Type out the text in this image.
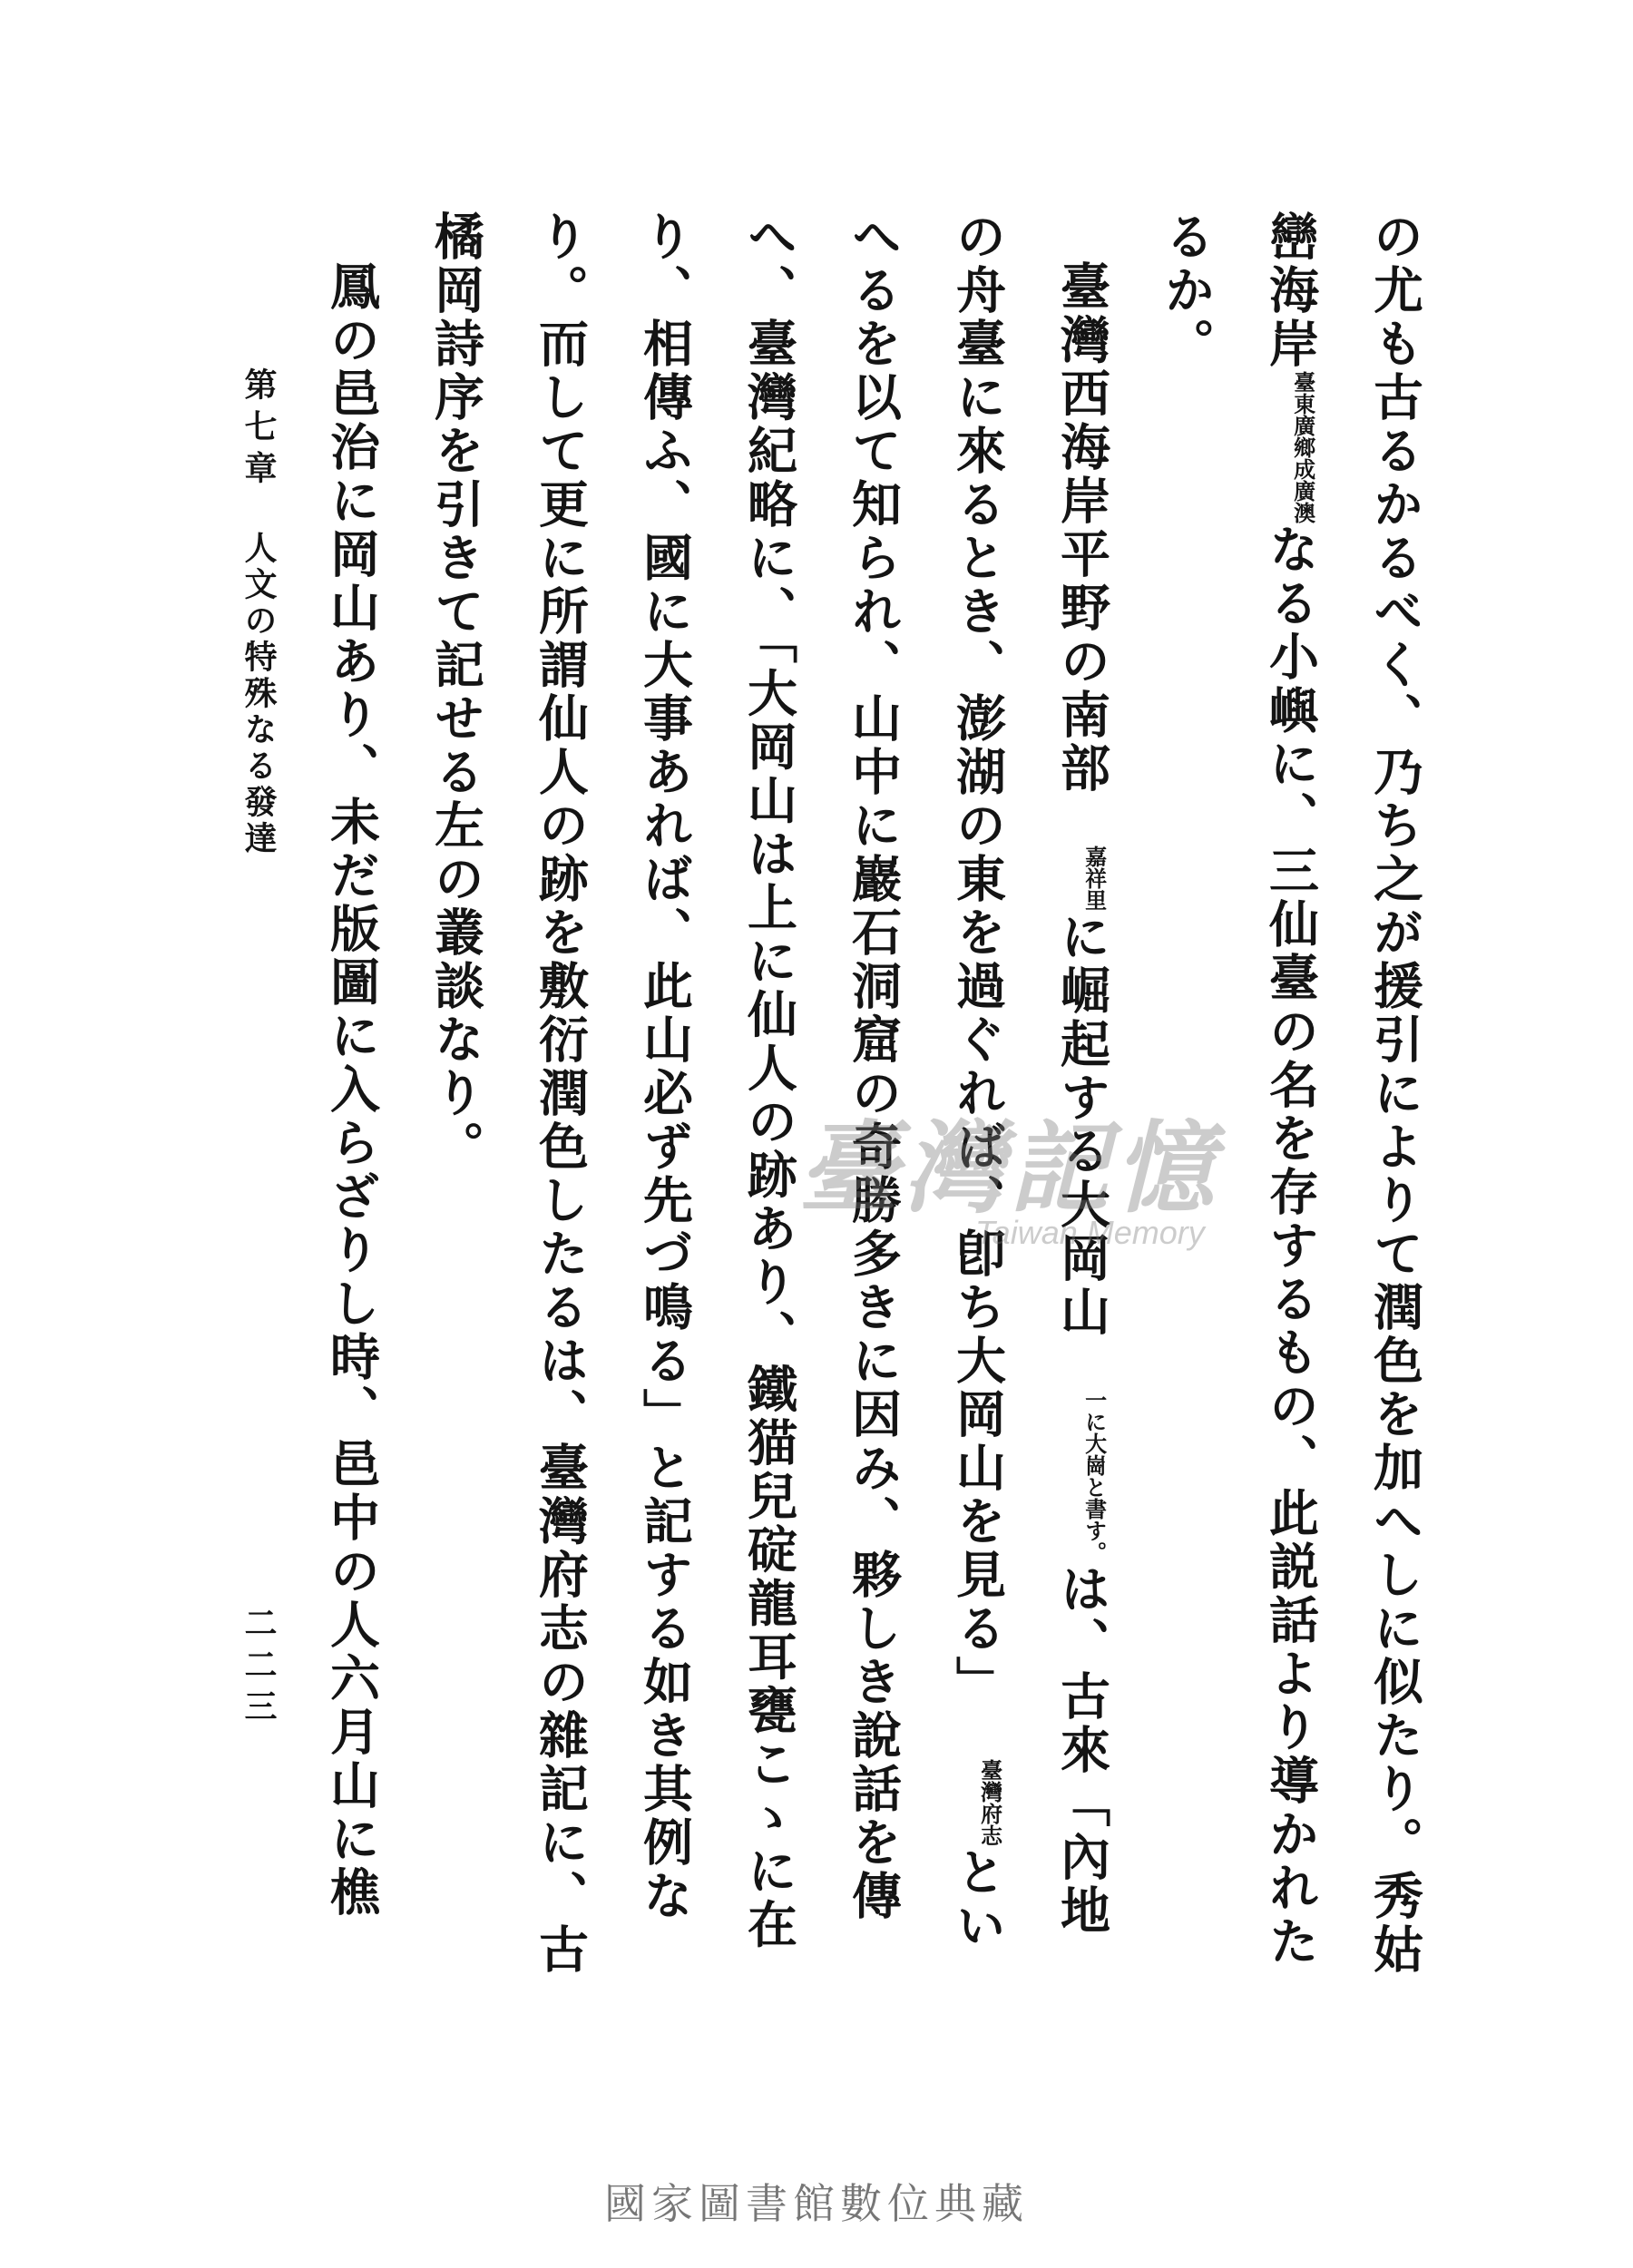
の尤も古るかるべく、乃ち之が援引によりて潤色を加へしに似たり。秀姑巒海岸臺東廣鄉成廣澳なる小嶼に、三仙臺の名を存するもの、此説話より導かれたるか。

臺灣西海岸平野の南部嘉祥里に崛起する大岡山一に大崗と書す。は、古來「內地の舟臺に來るとき、澎湖の東を過ぐれば、卽ち大岡山を見る」臺灣府志といへるを以て知られ、山中に巖石洞窟の奇勝多きに因み、夥しき說話を傳へ、臺灣紀略に、「大岡山は上に仙人の跡あり、鐵猫兒碇龍耳甕こゝに在り、相傳ふ、國に大事あれば、此山必ず先づ鳴る」と記する如き其例なり。而して更に所謂仙人の跡を敷衍潤色したるは、臺灣府志の雜記に、古橘岡詩序を引きて記せる左の叢談なり。

鳳の邑治に岡山あり、未だ版圖に入らざりし時、邑中の人六月山に樵

第七章
人文の特殊なる發達
二二三
臺灣記憶
Taiwan Memory
國家圖書館數位典藏
